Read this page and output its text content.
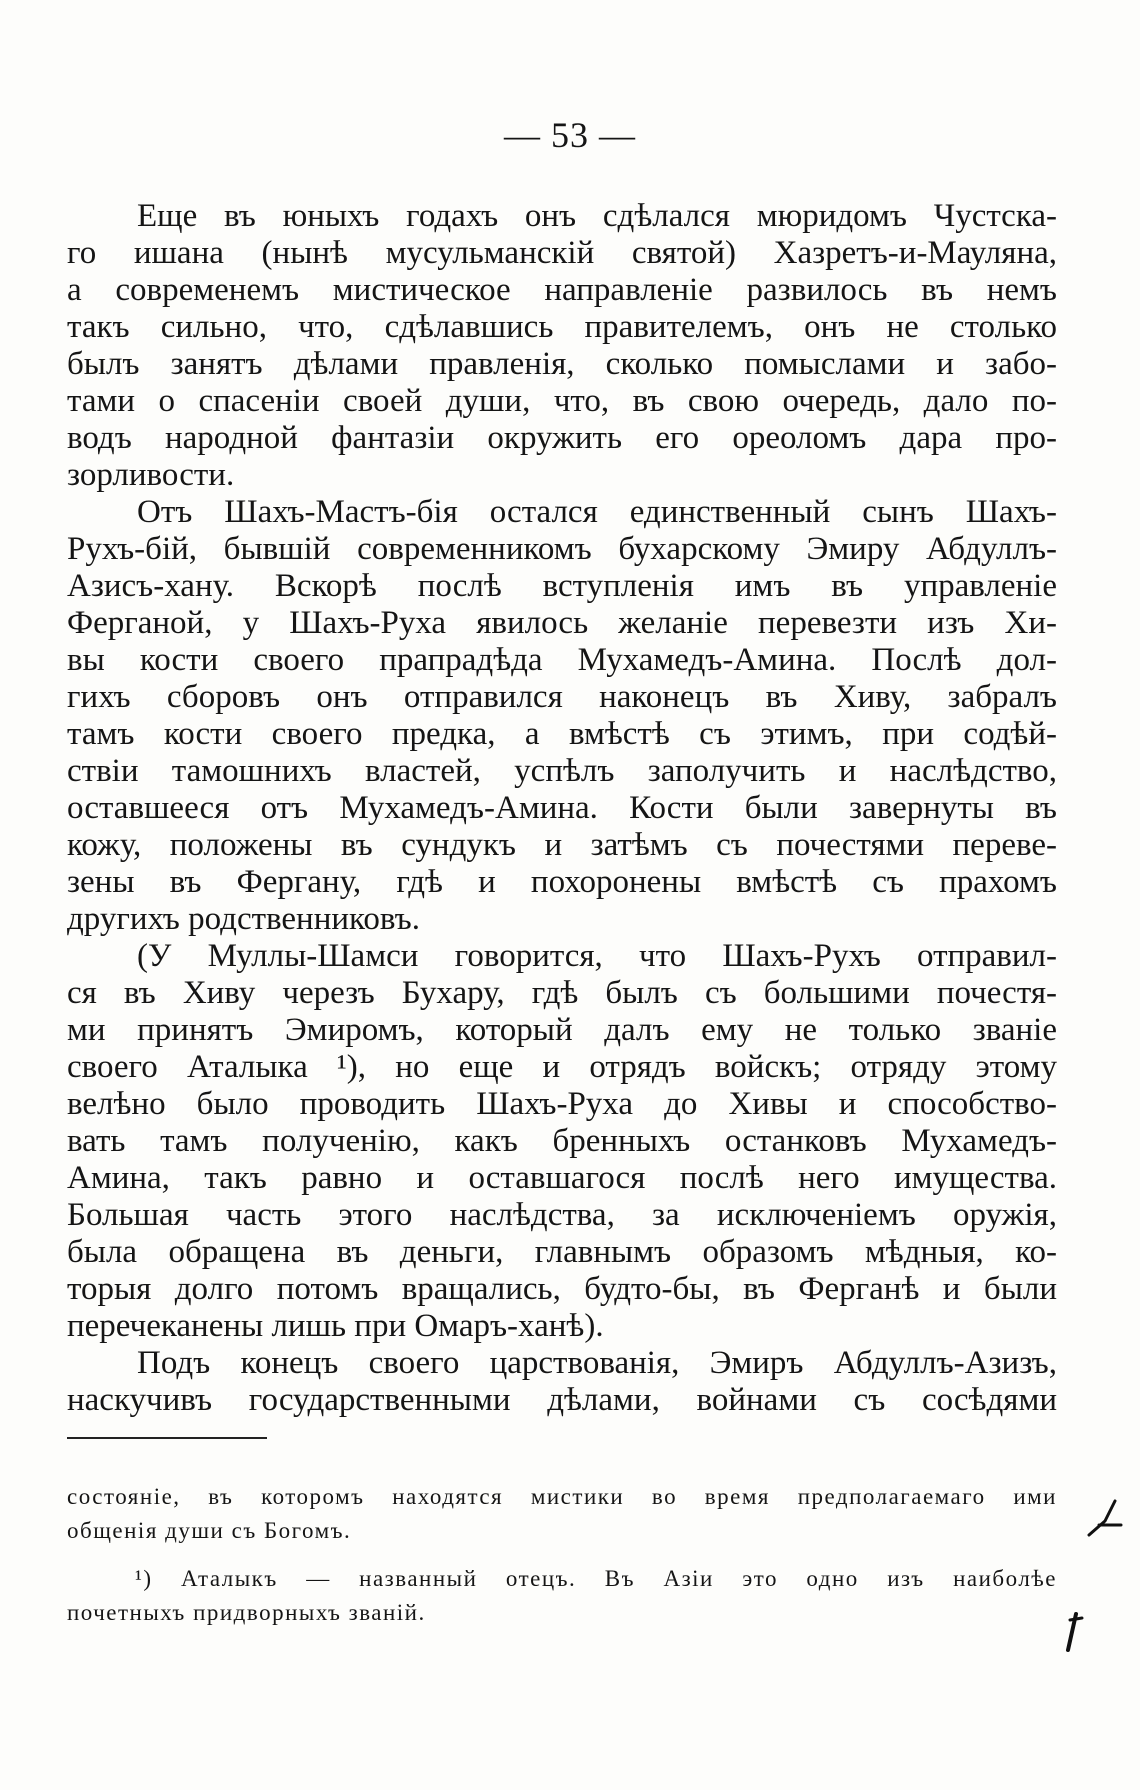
— 53 —
Еще въ юныхъ годахъ онъ сдѣлался мюридомъ Чустска-
го ишана (нынѣ мусульманскій святой) Хазретъ-и-Мауляна,
а современемъ мистическое направленіе развилось въ немъ
такъ сильно, что, сдѣлавшись правителемъ, онъ не столько
былъ занятъ дѣлами правленія, сколько помыслами и забо-
тами о спасеніи своей души, что, въ свою очередь, дало по-
водъ народной фантазіи окружить его ореоломъ дара про-
зорливости.
Отъ Шахъ-Мастъ-бія остался единственный сынъ Шахъ-
Рухъ-бій, бывшій современникомъ бухарскому Эмиру Абдуллъ-
Азисъ-хану. Вскорѣ послѣ вступленія имъ въ управленіе
Ферганой, у Шахъ-Руха явилось желаніе перевезти изъ Хи-
вы кости своего прапрадѣда Мухамедъ-Амина. Послѣ дол-
гихъ сборовъ онъ отправился наконецъ въ Хиву, забралъ
тамъ кости своего предка, а вмѣстѣ съ этимъ, при содѣй-
ствіи тамошнихъ властей, успѣлъ заполучить и наслѣдство,
оставшееся отъ Мухамедъ-Амина. Кости были завернуты въ
кожу, положены въ сундукъ и затѣмъ съ почестями переве-
зены въ Фергану, гдѣ и похоронены вмѣстѣ съ прахомъ
другихъ родственниковъ.
(У Муллы-Шамси говорится, что Шахъ-Рухъ отправил-
ся въ Хиву черезъ Бухару, гдѣ былъ съ большими почестя-
ми принятъ Эмиромъ, который далъ ему не только званіе
своего Аталыка ¹), но еще и отрядъ войскъ; отряду этому
велѣно было проводить Шахъ-Руха до Хивы и способство-
вать тамъ полученію, какъ бренныхъ останковъ Мухамедъ-
Амина, такъ равно и оставшагося послѣ него имущества.
Большая часть этого наслѣдства, за исключеніемъ оружія,
была обращена въ деньги, главнымъ образомъ мѣдныя, ко-
торыя долго потомъ вращались, будто-бы, въ Ферганѣ и были
перечеканены лишь при Омаръ-ханѣ).
Подъ конецъ своего царствованія, Эмиръ Абдуллъ-Азизъ,
наскучивъ государственными дѣлами, войнами съ сосѣдями
состояніе, въ которомъ находятся мистики во время предполагаемаго ими
общенія души съ Богомъ.
¹) Аталыкъ — названный отецъ. Въ Азіи это одно изъ наиболѣе
почетныхъ придворныхъ званій.
